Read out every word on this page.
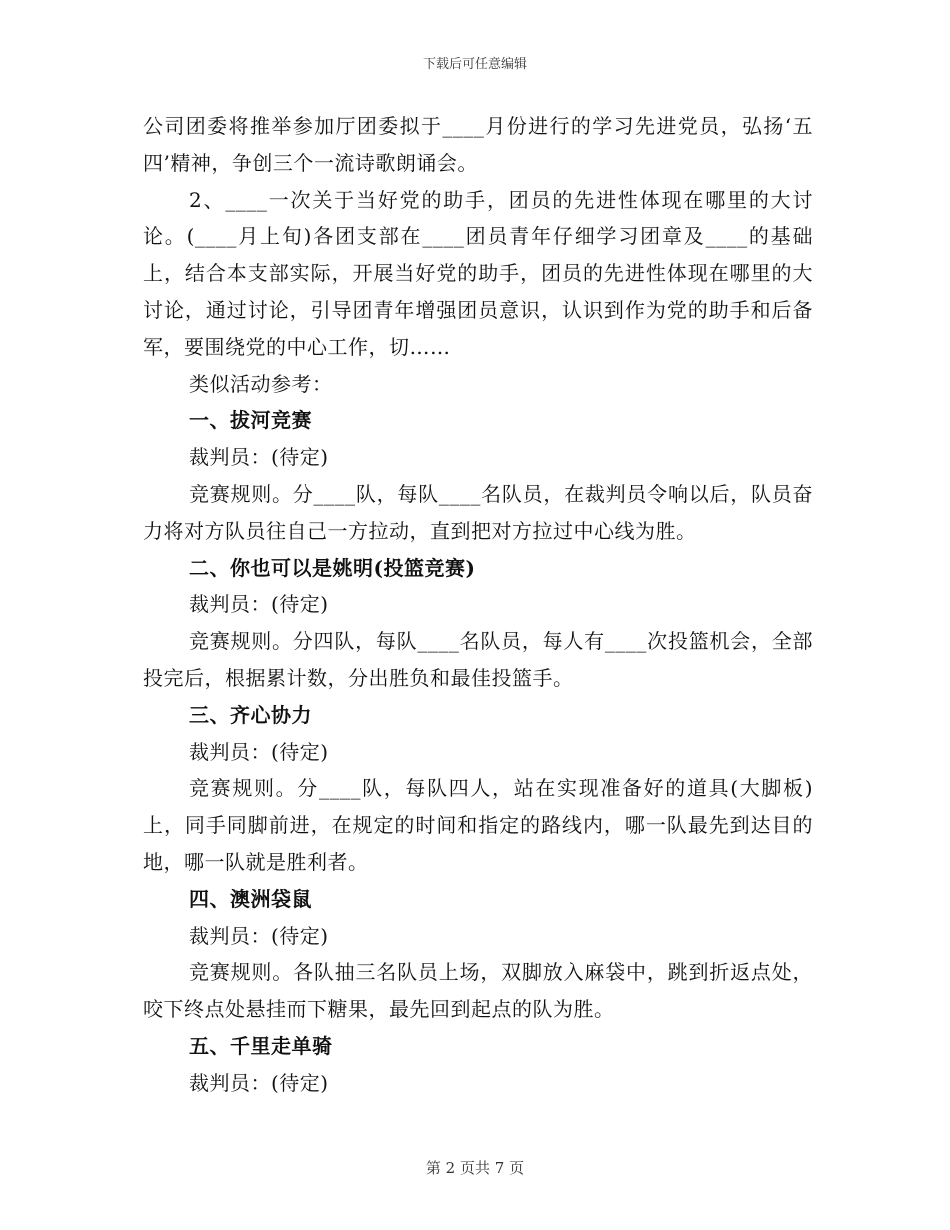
下载后可任意编辑

公司团委将推举参加厅团委拟于____月份进行的学习先进党员，弘扬‘五四’精神，争创三个一流诗歌朗诵会。

2、____一次关于当好党的助手，团员的先进性体现在哪里的大讨论。(____月上旬)各团支部在____团员青年仔细学习团章及____的基础上，结合本支部实际，开展当好党的助手，团员的先进性体现在哪里的大讨论，通过讨论，引导团青年增强团员意识，认识到作为党的助手和后备军，要围绕党的中心工作，切……

类似活动参考：

一、拔河竞赛

裁判员：(待定)

竞赛规则。分____队，每队____名队员，在裁判员令响以后，队员奋力将对方队员往自己一方拉动，直到把对方拉过中心线为胜。

二、你也可以是姚明(投篮竞赛)

裁判员：(待定)

竞赛规则。分四队，每队____名队员，每人有____次投篮机会，全部投完后，根据累计数，分出胜负和最佳投篮手。

三、齐心协力

裁判员：(待定)

竞赛规则。分____队，每队四人，站在实现准备好的道具(大脚板)上，同手同脚前进，在规定的时间和指定的路线内，哪一队最先到达目的地，哪一队就是胜利者。

四、澳洲袋鼠

裁判员：(待定)

竞赛规则。各队抽三名队员上场，双脚放入麻袋中，跳到折返点处，咬下终点处悬挂而下糖果，最先回到起点的队为胜。

五、千里走单骑

裁判员：(待定)

第 2 页共 7 页
